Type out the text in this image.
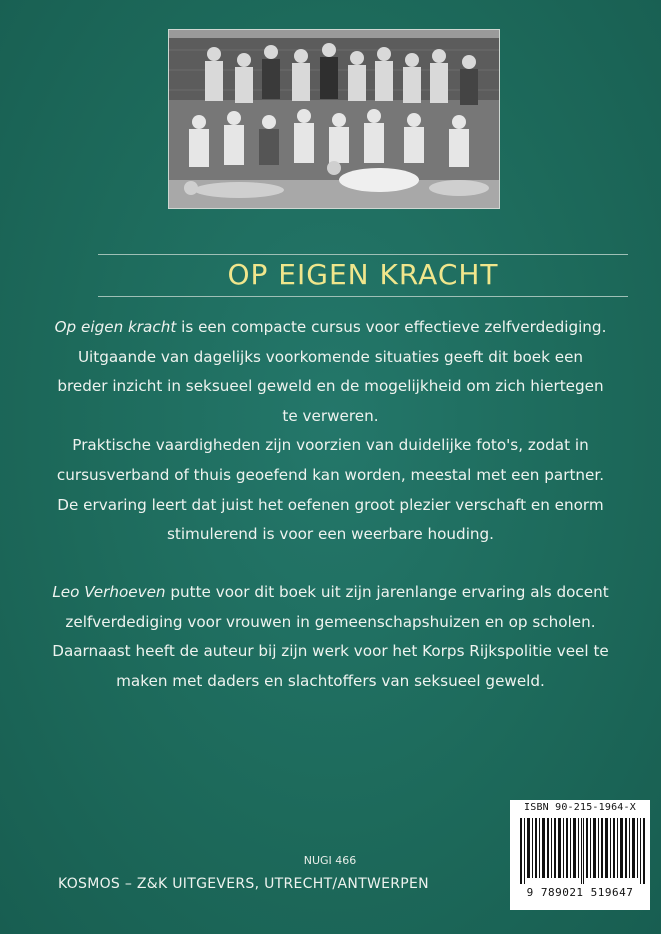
OP EIGEN KRACHT

Op eigen kracht is een compacte cursus voor effectieve zelfverdediging.

Uitgaande van dagelijks voorkomende situaties geeft dit boek een

breder inzicht in seksueel geweld en de mogelijkheid om zich hiertegen

te verweren.

Praktische vaardigheden zijn voorzien van duidelijke foto's, zodat in

cursusverband of thuis geoefend kan worden, meestal met een partner.

De ervaring leert dat juist het oefenen groot plezier verschaft en enorm

stimulerend is voor een weerbare houding.

Leo Verhoeven putte voor dit boek uit zijn jarenlange ervaring als docent

zelfverdediging voor vrouwen in gemeenschapshuizen en op scholen.

Daarnaast heeft de auteur bij zijn werk voor het Korps Rijkspolitie veel te

maken met daders en slachtoffers van seksueel geweld.

NUGI 466
KOSMOS – Z&K UITGEVERS, UTRECHT/ANTWERPEN
ISBN 90-215-1964-X
9 789021 519647
